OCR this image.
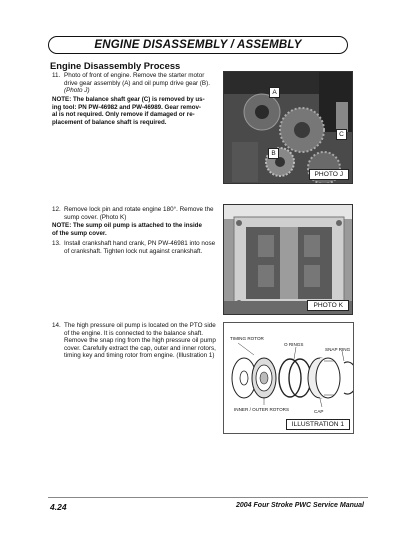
ENGINE DISASSEMBLY / ASSEMBLY
Engine Disassembly Process
11. Photo of front of engine. Remove the starter motor
drive gear assembly (A) and oil pump drive gear (B).
(Photo J)
NOTE: The balance shaft gear (C) is removed by us-
ing tool: PN PW-46982 and PW-46989. Gear remov-
al is not required. Only remove if damaged or re-
placement of balance shaft is required.
A
B
C
PHOTO J
12. Remove lock pin and rotate engine 180°. Remove the
sump cover. (Photo K)
NOTE: The sump oil pump is attached to the inside
of the sump cover.
13. Install crankshaft hand crank, PN PW-46981 into nose
of crankshaft. Tighten lock nut against crankshaft.
PHOTO K
14. The high pressure oil pump is located on the PTO side
of the engine. It is connected to the balance shaft.
Remove the snap ring from the high pressure oil pump
cover. Carefully extract the cap, outer and inner rotors,
timing key and timing rotor from engine. (Illustration 1)
TIMING ROTOR
O RINGS
SNAP RING
INNER / OUTER ROTORS	CAP
ILLUSTRATION 1
4.24	2004 Four Stroke PWC Service Manual
